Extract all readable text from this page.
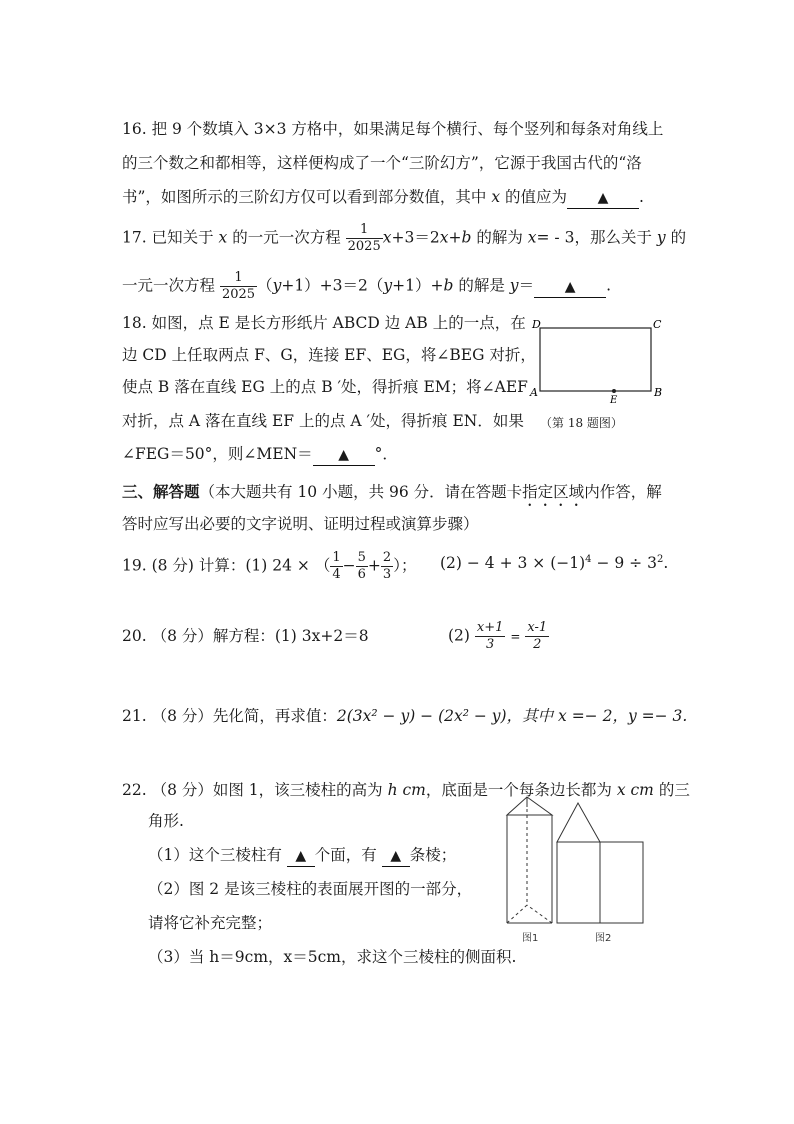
16. 把 9 个数填入 3×3 方格中，如果满足每个横行、每个竖列和每条对角线上
的三个数之和都相等，这样便构成了一个“三阶幻方”，它源于我国古代的“洛
书”，如图所示的三阶幻方仅可以看到部分数值，其中 x 的值应为 ▲ .
17. 已知关于 x 的一元一次方程 $\frac{1}{2025} x+3=2x+b$ 的解为 x= - 3，那么关于 y 的
一元一次方程 $\frac{1}{2025} (y+1)+3=2(y+1)+b$ 的解是 y＝ ▲ .
18. 如图，点 E 是长方形纸片 ABCD 边 AB 上的一点，在
边 CD 上任取两点 F、G，连接 EF、EG，将∠BEG 对折，
使点 B 落在直线 EG 上的点 B ′处，得折痕 EM；将∠AEF
对折，点 A 落在直线 EF 上的点 A ′处，得折痕 EN．如果
∠FEG＝50°，则∠MEN＝ ▲ °．
D	C
A	B
E
（第 18 题图）
三、解答题（本大题共有 10 小题，共 96 分．请在答题卡指定区域内作答，解
答时应写出必要的文字说明、证明过程或演算步骤）
19. (8 分) 计算：(1) 24 × （ $\frac{1}{4} - \frac{5}{6} + \frac{2}{3}$ ）； $(2) - 4 + 3 \times (-1)^4 - 9 \div 3^2$.
20. （8 分）解方程：(1) 3x+2＝8	$(2) \frac{x+1}{3} = \frac{x-1}{2}$
21. （8 分）先化简，再求值：2(3x² − y) − (2x² − y)，其中 x =− 2，y =− 3.
22. （8 分）如图 1，该三棱柱的高为 h cm，底面是一个每条边长都为 x cm 的三
角形.
（1）这个三棱柱有 ▲ 个面，有 ▲ 条棱；
（2）图 2 是该三棱柱的表面展开图的一部分，
请将它补充完整；
（3）当 h＝9cm，x＝5cm，求这个三棱柱的侧面积.
图1	图2
